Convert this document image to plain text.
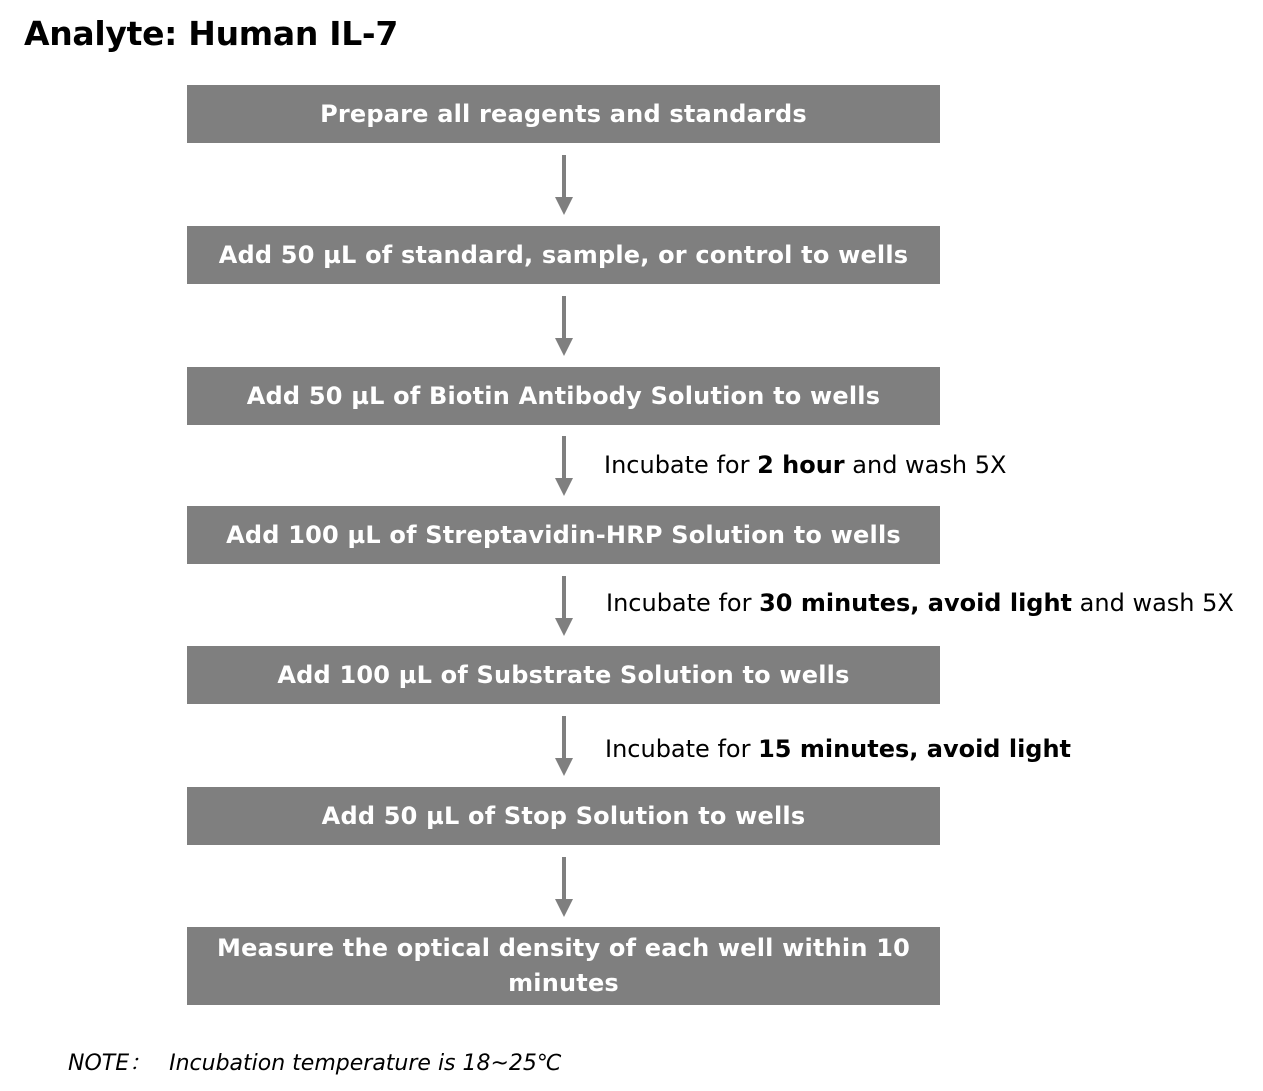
Analyte: Human IL-7
Prepare all reagents and standards
Add 50 µL of standard, sample, or control to wells
Add 50 µL of Biotin Antibody Solution to wells
Incubate for 2 hour and wash 5X
Add 100 µL of Streptavidin-HRP Solution to wells
Incubate for 30 minutes, avoid light and wash 5X
Add 100 µL of Substrate Solution to wells
Incubate for 15 minutes, avoid light
Add 50 µL of Stop Solution to wells
Measure the optical density of each well within 10 minutes
NOTE： Incubation temperature is 18~25℃
